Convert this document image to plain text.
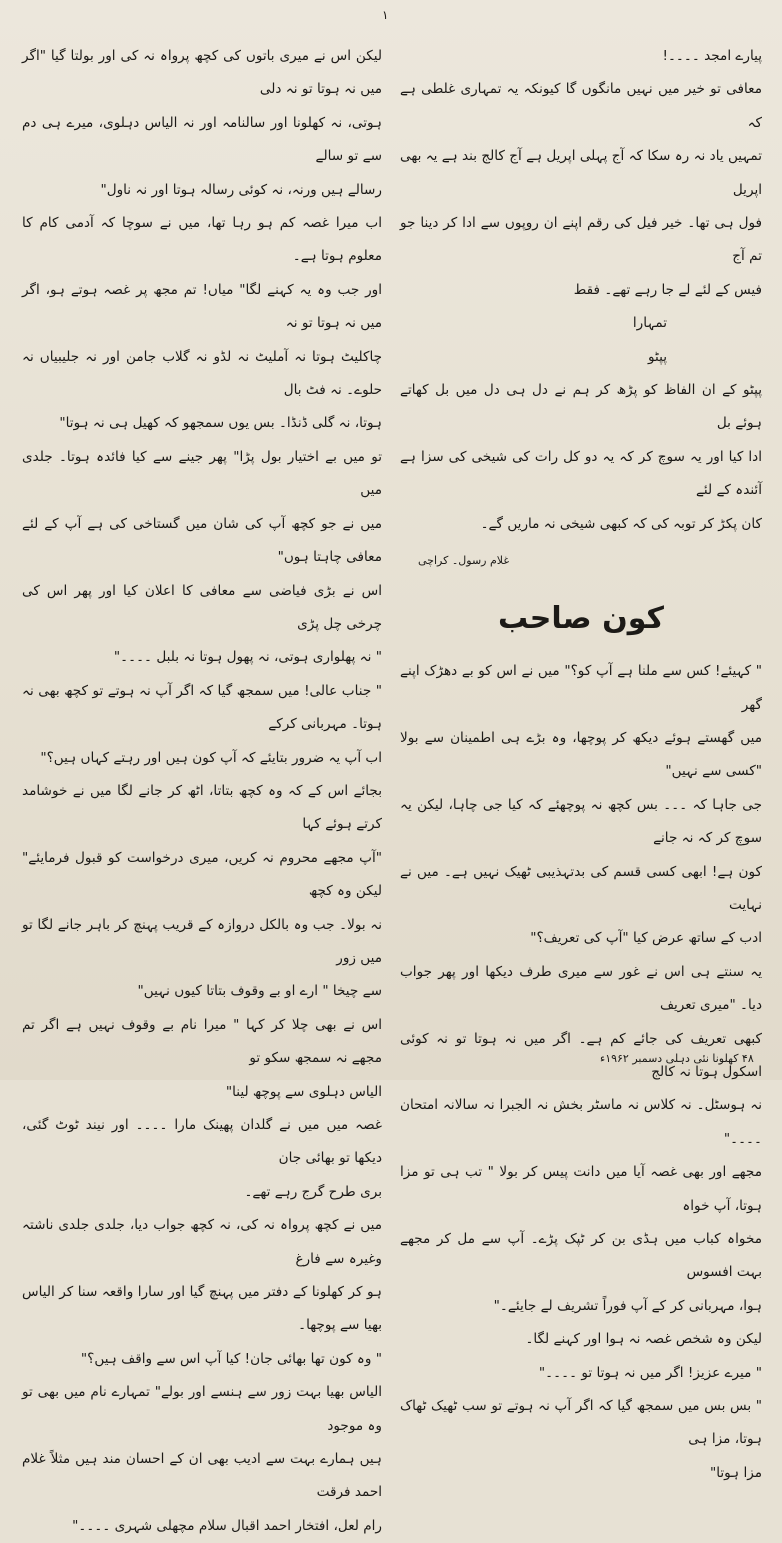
۱
پیارے امجد ۔۔۔۔!
معافی تو خیر میں نہیں مانگوں گا کیونکہ یہ تمہاری غلطی ہے کہ
تمہیں یاد نہ رہ سکا کہ آج پہلی اپریل ہے آج کالج بند ہے یہ بھی اپریل
فول ہی تھا۔ خیر فیل کی رقم اپنے ان روپوں سے ادا کر دینا جو تم آج
فیس کے لئے لے جا رہے تھے۔ فقط
تمہارا
پپٹو
پپٹو کے ان الفاظ کو پڑھ کر ہم نے دل ہی دل میں بل کھاتے ہوئے بل
ادا کیا اور یہ سوچ کر کہ یہ دو کل رات کی شیخی کی سزا ہے آئندہ کے لئے
کان پکڑ کر توبہ کی کہ کبھی شیخی نہ ماریں گے۔
غلام رسول۔ کراچی
کون صاحب
" کہیئے! کس سے ملنا ہے آپ کو؟" میں نے اس کو بے دھڑک اپنے گھر
میں گھستے ہوئے دیکھ کر پوچھا، وہ بڑے ہی اطمینان سے بولا "کسی سے نہیں"
جی جاہا کہ ۔۔۔ بس کچھ نہ پوچھئے کہ کیا جی چاہا، لیکن یہ سوچ کر کہ نہ جانے
کون ہے! ابھی کسی قسم کی بدتہذیبی ٹھیک نہیں ہے۔ میں نے نہایت
ادب کے ساتھ عرض کیا "آپ کی تعریف؟"
یہ سنتے ہی اس نے غور سے میری طرف دیکھا اور پھر جواب دیا۔ "میری تعریف
کبھی تعریف کی جائے کم ہے۔ اگر میں نہ ہوتا تو نہ کوئی اسکول ہوتا نہ کالج
نہ ہوسٹل۔ نہ کلاس نہ ماسٹر بخش نہ الجبرا نہ سالانہ امتحان ۔۔۔۔"
مجھے اور بھی غصہ آیا میں دانت پیس کر بولا " تب ہی تو مزا ہوتا، آپ خواہ
مخواہ کباب میں ہڈی بن کر ٹپک پڑے۔ آپ سے مل کر مجھے بہت افسوس
ہوا، مہربانی کر کے آپ فوراً تشریف لے جایئے۔"
لیکن وہ شخص غصہ نہ ہوا اور کہنے لگا۔
" میرے عزیز! اگر میں نہ ہوتا تو ۔۔۔۔"
" بس بس میں سمجھ گیا کہ اگر آپ نہ ہوتے تو سب ٹھیک ٹھاک ہوتا، مزا ہی
مزا ہوتا"
لیکن اس نے میری باتوں کی کچھ پرواہ نہ کی اور بولتا گیا "اگر میں نہ ہوتا تو نہ دلی
ہوتی، نہ کھلونا اور سالنامہ اور نہ الیاس دہلوی، میرے ہی دم سے تو سالے
رسالے ہیں ورنہ، نہ کوئی رسالہ ہوتا اور نہ ناول"
اب میرا غصہ کم ہو رہا تھا، میں نے سوچا کہ آدمی کام کا معلوم ہوتا ہے۔
اور جب وہ یہ کہنے لگا" میاں! تم مجھ پر غصہ ہوتے ہو، اگر میں نہ ہوتا تو نہ
چاکلیٹ ہوتا نہ آملیٹ نہ لڈو نہ گلاب جامن اور نہ جلیبیاں نہ حلوے۔ نہ فٹ بال
ہوتا، نہ گلی ڈنڈا۔ بس یوں سمجھو کہ کھیل ہی نہ ہوتا"
تو میں بے اختیار بول پڑا" پھر جینے سے کیا فائدہ ہوتا۔ جلدی میں
میں نے جو کچھ آپ کی شان میں گستاخی کی ہے آپ کے لئے معافی چاہتا ہوں"
اس نے بڑی فیاضی سے معافی کا اعلان کیا اور پھر اس کی چرخی چل پڑی
" نہ پھلواری ہوتی، نہ پھول ہوتا نہ بلبل ۔۔۔۔"
" جناب عالی! میں سمجھ گیا کہ اگر آپ نہ ہوتے تو کچھ بھی نہ ہوتا۔ مہربانی کرکے
اب آپ یہ ضرور بتایئے کہ آپ کون ہیں اور رہتے کہاں ہیں؟"
بجائے اس کے کہ وہ کچھ بتاتا، اٹھ کر جانے لگا میں نے خوشامد کرتے ہوئے کہا
"آپ مجھے محروم نہ کریں، میری درخواست کو قبول فرمایئے" لیکن وہ کچھ
نہ بولا۔ جب وہ بالکل دروازہ کے قریب پہنچ کر باہر جانے لگا تو میں زور
سے چیخا " ارے او بے وقوف بتاتا کیوں نہیں"
اس نے بھی چلا کر کہا " میرا نام بے وقوف نہیں ہے اگر تم مجھے نہ سمجھ سکو تو
الیاس دہلوی سے پوچھ لینا"
غصہ میں میں نے گلدان پھینک مارا ۔۔۔۔ اور نیند ٹوٹ گئی، دیکھا تو بھائی جان
بری طرح گرج رہے تھے۔
میں نے کچھ پرواہ نہ کی، نہ کچھ جواب دیا، جلدی جلدی ناشتہ وغیرہ سے فارغ
ہو کر کھلونا کے دفتر میں پہنچ گیا اور سارا واقعہ سنا کر الیاس بھیا سے پوچھا۔
" وہ کون تھا بھائی جان! کیا آپ اس سے واقف ہیں؟"
الیاس بھیا بہت زور سے ہنسے اور بولے" تمہارے نام میں بھی تو وہ موجود
ہیں ہمارے بہت سے ادیب بھی ان کے احسان مند ہیں مثلاً غلام احمد فرقت
رام لعل، افتخار احمد اقبال سلام مچھلی شہری ۔۔۔۔"
۴۸ کھلونا نئی دہلی دسمبر ۱۹۶۲ء
